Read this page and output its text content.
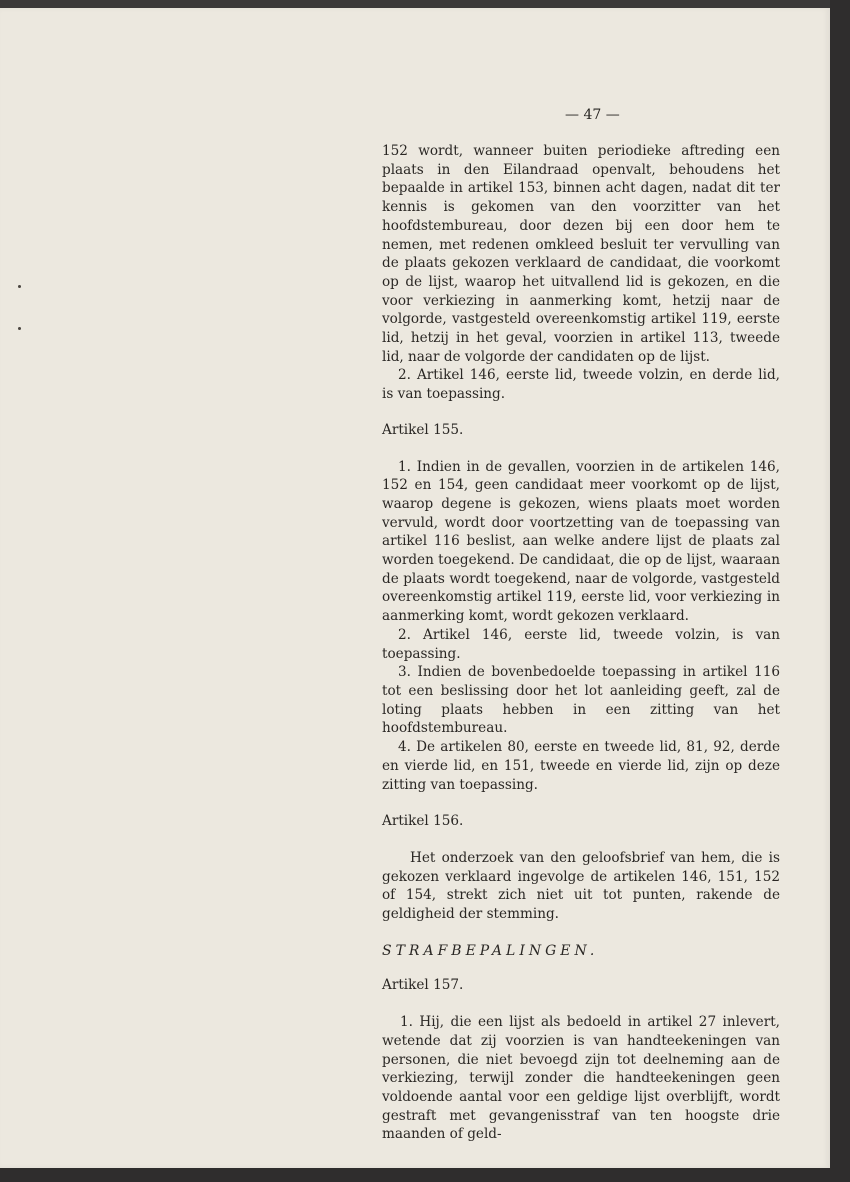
— 47 —

152 wordt, wanneer buiten periodieke aftreding een plaats in den Eilandraad openvalt, behoudens het bepaalde in artikel 153, binnen acht dagen, nadat dit ter kennis is gekomen van den voorzitter van het hoofdstembureau, door dezen bij een door hem te nemen, met redenen omkleed besluit ter vervulling van de plaats gekozen verklaard de candidaat, die voorkomt op de lijst, waarop het uitvallend lid is gekozen, en die voor verkiezing in aanmerking komt, hetzij naar de volgorde, vastgesteld overeenkomstig artikel 119, eerste lid, hetzij in het geval, voorzien in artikel 113, tweede lid, naar de volgorde der candidaten op de lijst.

2. Artikel 146, eerste lid, tweede volzin, en derde lid, is van toepassing.

Artikel 155.

1. Indien in de gevallen, voorzien in de artikelen 146, 152 en 154, geen candidaat meer voorkomt op de lijst, waarop degene is gekozen, wiens plaats moet worden vervuld, wordt door voortzetting van de toepassing van artikel 116 beslist, aan welke andere lijst de plaats zal worden toegekend. De candidaat, die op de lijst, waaraan de plaats wordt toegekend, naar de volgorde, vastgesteld overeenkomstig artikel 119, eerste lid, voor verkiezing in aanmerking komt, wordt gekozen verklaard.

2. Artikel 146, eerste lid, tweede volzin, is van toepassing.

3. Indien de bovenbedoelde toepassing in artikel 116 tot een beslissing door het lot aanleiding geeft, zal de loting plaats hebben in een zitting van het hoofdstembureau.

4. De artikelen 80, eerste en tweede lid, 81, 92, derde en vierde lid, en 151, tweede en vierde lid, zijn op deze zitting van toepassing.

Artikel 156.

Het onderzoek van den geloofsbrief van hem, die is gekozen verklaard ingevolge de artikelen 146, 151, 152 of 154, strekt zich niet uit tot punten, rakende de geldigheid der stemming.

STRAFBEPALINGEN.

Artikel 157.

1. Hij, die een lijst als bedoeld in artikel 27 inlevert, wetende dat zij voorzien is van handteekeningen van personen, die niet bevoegd zijn tot deelneming aan de verkiezing, terwijl zonder die handteekeningen geen voldoende aantal voor een geldige lijst overblijft, wordt gestraft met gevangenisstraf van ten hoogste drie maanden of geld-
